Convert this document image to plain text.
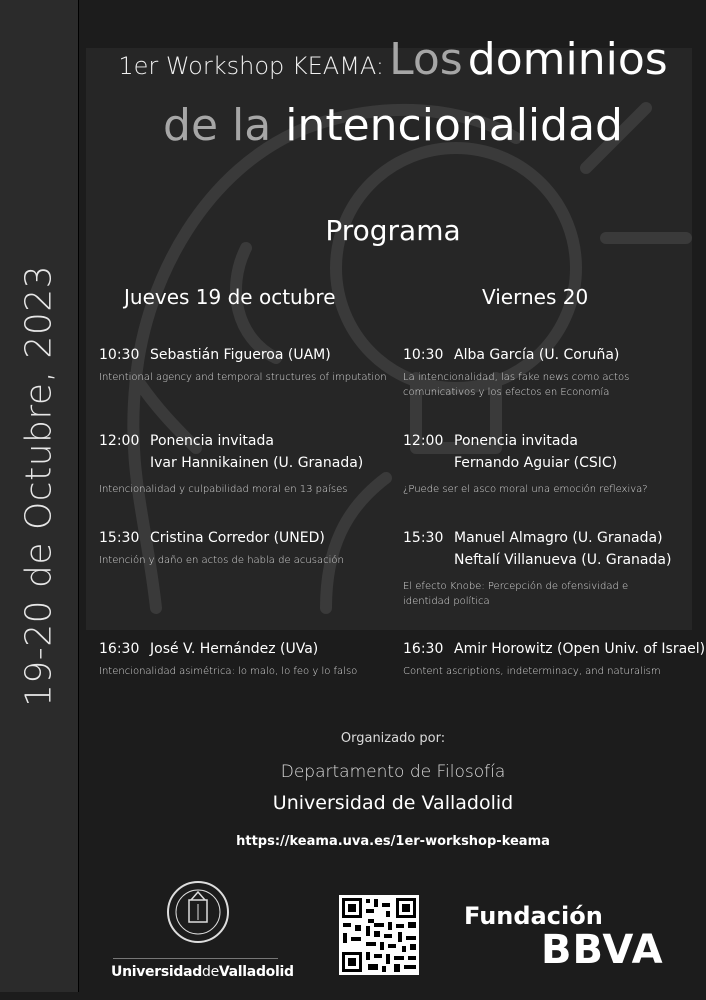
19-20 de Octubre, 2023
1er Workshop KEAMA: Los dominios
de la intencionalidad
Programa
Jueves 19 de octubre	Viernes 20
10:30 Sebastián Figueroa (UAM)
Intentional agency and temporal structures of imputation
12:00 Ponencia invitada
Ivar Hannikainen (U. Granada)
Intencionalidad y culpabilidad moral en 13 países
15:30 Cristina Corredor (UNED)
Intención y daño en actos de habla de acusación
16:30 José V. Hernández (UVa)
Intencionalidad asimétrica: lo malo, lo feo y lo falso
10:30 Alba García (U. Coruña)
La intencionalidad, las fake news como actos comunicativos y los efectos en Economía
12:00 Ponencia invitada
Fernando Aguiar (CSIC)
¿Puede ser el asco moral una emoción reflexiva?
15:30 Manuel Almagro (U. Granada)
Neftalí Villanueva (U. Granada)
El efecto Knobe: Percepción de ofensividad e identidad política
16:30 Amir Horowitz (Open Univ. of Israel)
Content ascriptions, indeterminacy, and naturalism
Organizado por:
Departamento de Filosofía
Universidad de Valladolid
https://keama.uva.es/1er-workshop-keama
UniversidaddeValladolid
Fundación
BBVA
